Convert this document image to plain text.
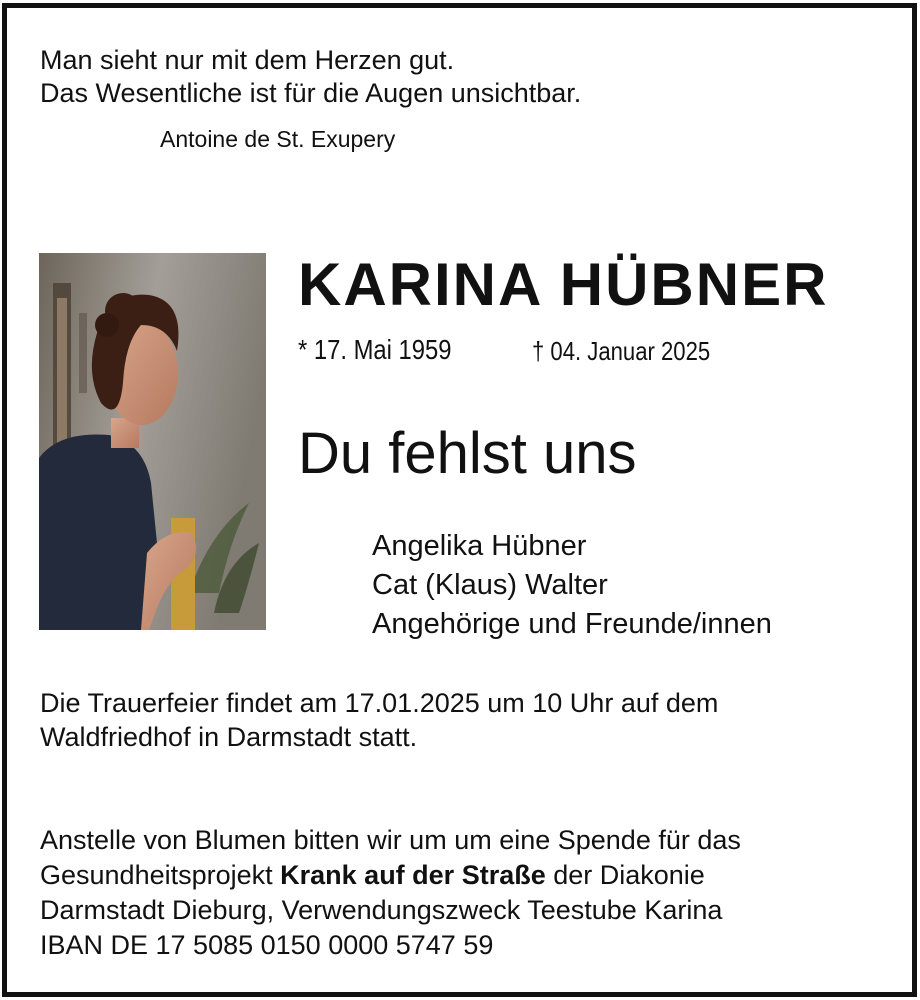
Man sieht nur mit dem Herzen gut.
Das Wesentliche ist für die Augen unsichtbar.
Antoine de St. Exupery
KARINA HÜBNER
* 17. Mai 1959	† 04. Januar 2025
Du fehlst uns
Angelika Hübner
Cat (Klaus) Walter
Angehörige und Freunde/innen
Die Trauerfeier findet am 17.01.2025 um 10 Uhr auf dem
Waldfriedhof in Darmstadt statt.
Anstelle von Blumen bitten wir um um eine Spende für das
Gesundheitsprojekt Krank auf der Straße der Diakonie
Darmstadt Dieburg, Verwendungszweck Teestube Karina
IBAN DE 17 5085 0150 0000 5747 59
